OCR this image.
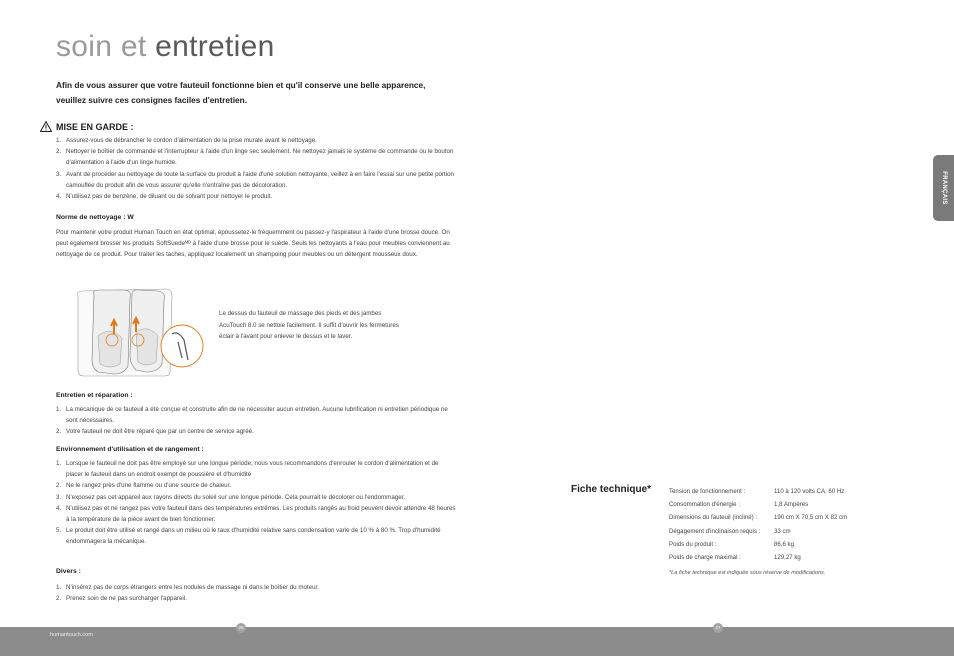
soin et entretien
Afin de vous assurer que votre fauteuil fonctionne bien et qu'il conserve une belle apparence, veuillez suivre ces consignes faciles d'entretien.
MISE EN GARDE :
1. Assurez-vous de débrancher le cordon d'alimentation de la prise murale avant le nettoyage.
2. Nettoyer le boîtier de commande et l'interrupteur à l'aide d'un linge sec seulement. Ne nettoyez jamais le système de commande ou le bouton d'alimentation à l'aide d'un linge humide.
3. Avant de procéder au nettoyage de toute la surface du produit à l'aide d'une solution nettoyante, veillez à en faire l'essai sur une petite portion camouflée du produit afin de vous assurer qu'elle n'entraîne pas de décoloration.
4. N'utilisez pas de benzène, de diluant ou de solvant pour nettoyer le produit.
Norme de nettoyage : W
Pour maintenir votre produit Human Touch en état optimal, époussetez-le fréquemment ou passez-y l'aspirateur à l'aide d'une brosse douce. On peut également brosser les produits SoftSuedeᴹᴰ à l'aide d'une brosse pour le suède. Seuls les nettoyants à l'eau pour meubles conviennent au nettoyage de ce produit. Pour traiter les taches, appliquez localement un shampoing pour meubles ou un détergent mousseux doux.
Le dessus du fauteuil de massage des pieds et des jambes AcuTouch 8.0 se nettoie facilement. Il suffit d'ouvrir les fermetures éclair à l'avant pour enlever le dessus et le laver.
Entretien et réparation :
1. La mécanique de ce fauteuil a été conçue et construite afin de ne nécessiter aucun entretien. Aucune lubrification ni entretien périodique ne sont nécessaires.
2. Votre fauteuil ne doit être réparé que par un centre de service agréé.
Environnement d'utilisation et de rangement :
1. Lorsque le fauteuil ne doit pas être employé sur une longue période, nous vous recommandons d'enrouler le cordon d'alimentation et de placer le fauteuil dans un endroit exempt de poussière et d'humidité
2. Ne le rangez près d'une flamme ou d'une source de chaleur.
3. N'exposez pas cet appareil aux rayons directs du soleil sur une longue période. Cela pourrait le décolorer ou l'endommager.
4. N'utilisez pas et ne rangez pas votre fauteuil dans des températures extrêmes. Les produits rangés au froid peuvent devoir attendre 48 heures à la température de la pièce avant de bien fonctionner.
5. Le produit doit être utilisé et rangé dans un milieu où le taux d'humidité relative sans condensation varie de 10 % à 80 %. Trop d'humidité endommagera la mécanique.
Divers :
1. N'insérez pas de corps étrangers entre les nodules de massage ni dans le boîtier du moteur.
2. Prenez soin de ne pas surcharger l'appareil.
FRANÇAIS
Fiche technique*	Tension de fonctionnement :	110 à 120 volts CA, 60 Hz
Consommation d'énergie :	1,8 Ampères
Dimensions du fauteuil (incliné) :	190 cm X 70,5 cm X 82 cm
Dégagement d'inclinaison requis :	33 cm
Poids du produit :	86,6 kg
Poids de charge maximal :	129,27 kg
*La fiche technique est indiquée sous réserve de modifications.
humantouch.com
26	27
